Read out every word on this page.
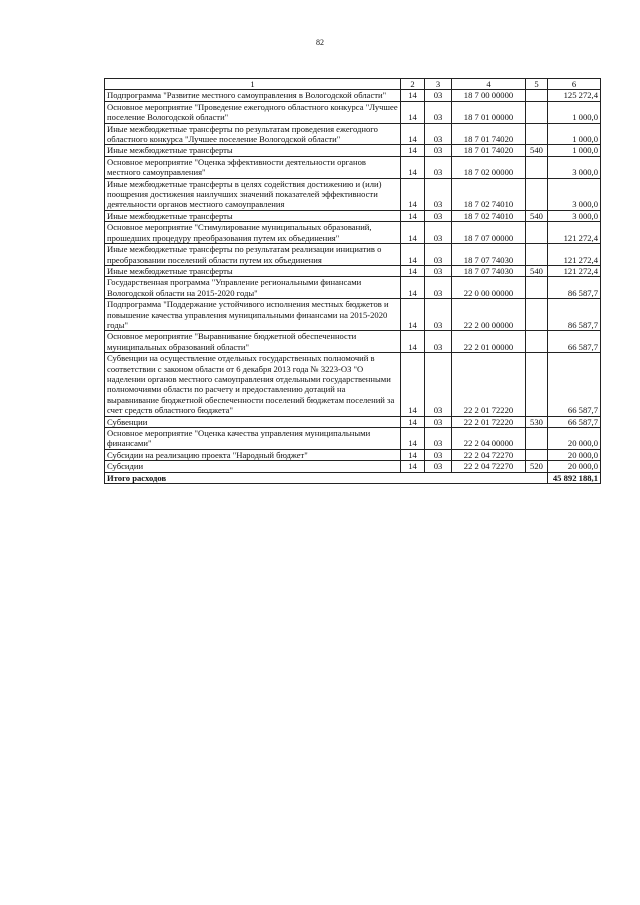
82
1	2	3	4	5	6
Подпрограмма "Развитие местного самоуправления в Вологодской области"	14	03	18 7 00 00000		125 272,4
Основное мероприятие "Проведение ежегодного областного конкурса "Лучшее поселение Вологодской области"	14	03	18 7 01 00000		1 000,0
Иные межбюджетные трансферты по результатам проведения ежегодного областного конкурса "Лучшее поселение Вологодской области"	14	03	18 7 01 74020		1 000,0
Иные межбюджетные трансферты	14	03	18 7 01 74020	540	1 000,0
Основное мероприятие "Оценка эффективности деятельности органов местного самоуправления"	14	03	18 7 02 00000		3 000,0
Иные межбюджетные трансферты в целях содействия достижению и (или) поощрения достижения наилучших значений показателей эффективности деятельности органов местного самоуправления	14	03	18 7 02 74010		3 000,0
Иные межбюджетные трансферты	14	03	18 7 02 74010	540	3 000,0
Основное мероприятие "Стимулирование муниципальных образований, прошедших процедуру преобразования путем их объединения"	14	03	18 7 07 00000		121 272,4
Иные межбюджетные трансферты по результатам реализации инициатив о преобразовании поселений области путем их объединения	14	03	18 7 07 74030		121 272,4
Иные межбюджетные трансферты	14	03	18 7 07 74030	540	121 272,4
Государственная программа "Управление региональными финансами Вологодской области на 2015-2020 годы"	14	03	22 0 00 00000		86 587,7
Подпрограмма "Поддержание устойчивого исполнения местных бюджетов и повышение качества управления муниципальными финансами на 2015-2020 годы"	14	03	22 2 00 00000		86 587,7
Основное мероприятие "Выравнивание бюджетной обеспеченности муниципальных образований области"	14	03	22 2 01 00000		66 587,7
Субвенции на осуществление отдельных государственных полномочий в соответствии с законом области от 6 декабря 2013 года № 3223-ОЗ "О наделении органов местного самоуправления отдельными государственными полномочиями области по расчету и предоставлению дотаций на выравнивание бюджетной обеспеченности поселений бюджетам поселений за счет средств областного бюджета"	14	03	22 2 01 72220		66 587,7
Субвенции	14	03	22 2 01 72220	530	66 587,7
Основное мероприятие "Оценка качества управления муниципальными финансами"	14	03	22 2 04 00000		20 000,0
Субсидии на реализацию проекта "Народный бюджет"	14	03	22 2 04 72270		20 000,0
Субсидии	14	03	22 2 04 72270	520	20 000,0
Итого расходов					45 892 188,1
